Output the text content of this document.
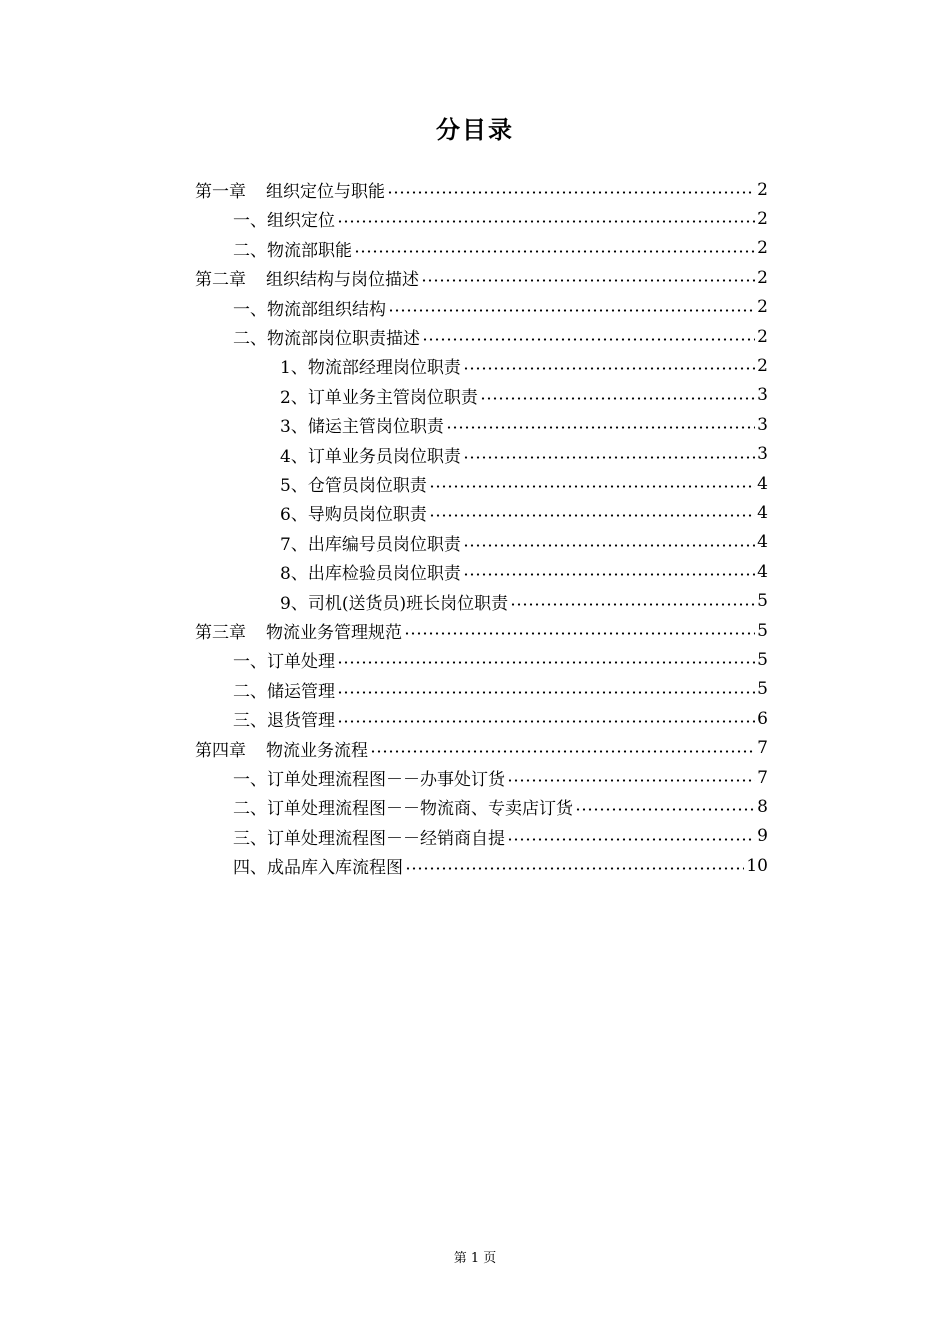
分目录
第一章 组织定位与职能	2
一、组织定位	2
二、物流部职能	2
第二章 组织结构与岗位描述	2
一、物流部组织结构	2
二、物流部岗位职责描述	2
1、物流部经理岗位职责	2
2、订单业务主管岗位职责	3
3、储运主管岗位职责	3
4、订单业务员岗位职责	3
5、仓管员岗位职责	4
6、导购员岗位职责	4
7、出库编号员岗位职责	4
8、出库检验员岗位职责	4
9、司机(送货员)班长岗位职责	5
第三章 物流业务管理规范	5
一、订单处理	5
二、储运管理	5
三、退货管理	6
第四章 物流业务流程	7
一、订单处理流程图－－办事处订货	7
二、订单处理流程图－－物流商、专卖店订货	8
三、订单处理流程图－－经销商自提	9
四、成品库入库流程图	10
第 1 页
